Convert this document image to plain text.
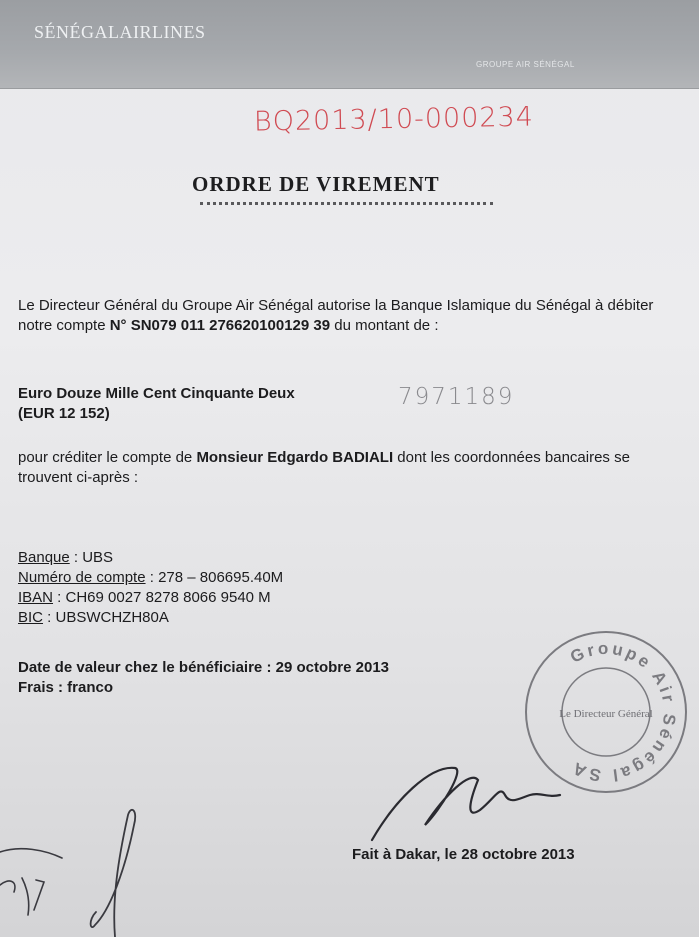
SÉNÉGALAIRLINES
GROUPE AIR SÉNÉGAL
BQ2013/10-000234
ORDRE DE VIREMENT
Le Directeur Général du Groupe Air Sénégal autorise la Banque Islamique du Sénégal à débiter notre compte N° SN079 011 276620100129 39 du montant de :
Euro Douze Mille Cent Cinquante Deux
(EUR 12 152)
7971189
pour créditer le compte de Monsieur Edgardo BADIALI dont les coordonnées bancaires se trouvent ci-après :
Banque : UBS
Numéro de compte : 278 – 806695.40M
IBAN : CH69 0027 8278 8066 9540 M
BIC : UBSWCHZH80A
Date de valeur chez le bénéficiaire : 29 octobre 2013
Frais : franco
Groupe Air Sénégal SA
Le Directeur Général
Fait à Dakar, le 28 octobre 2013
